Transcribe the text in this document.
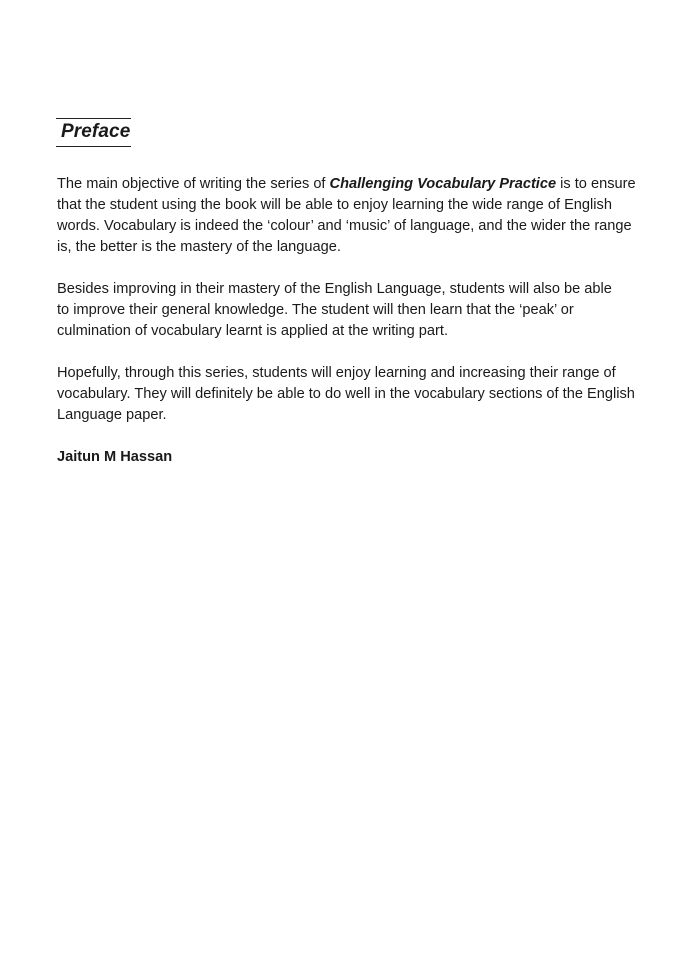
Preface

The main objective of writing the series of Challenging Vocabulary Practice is to ensure
that the student using the book will be able to enjoy learning the wide range of English
words. Vocabulary is indeed the ‘colour’ and ‘music’ of language, and the wider the range
is, the better is the mastery of the language.

Besides improving in their mastery of the English Language, students will also be able
to improve their general knowledge. The student will then learn that the ‘peak’ or
culmination of vocabulary learnt is applied at the writing part.

Hopefully, through this series, students will enjoy learning and increasing their range of
vocabulary. They will definitely be able to do well in the vocabulary sections of the English
Language paper.

Jaitun M Hassan
